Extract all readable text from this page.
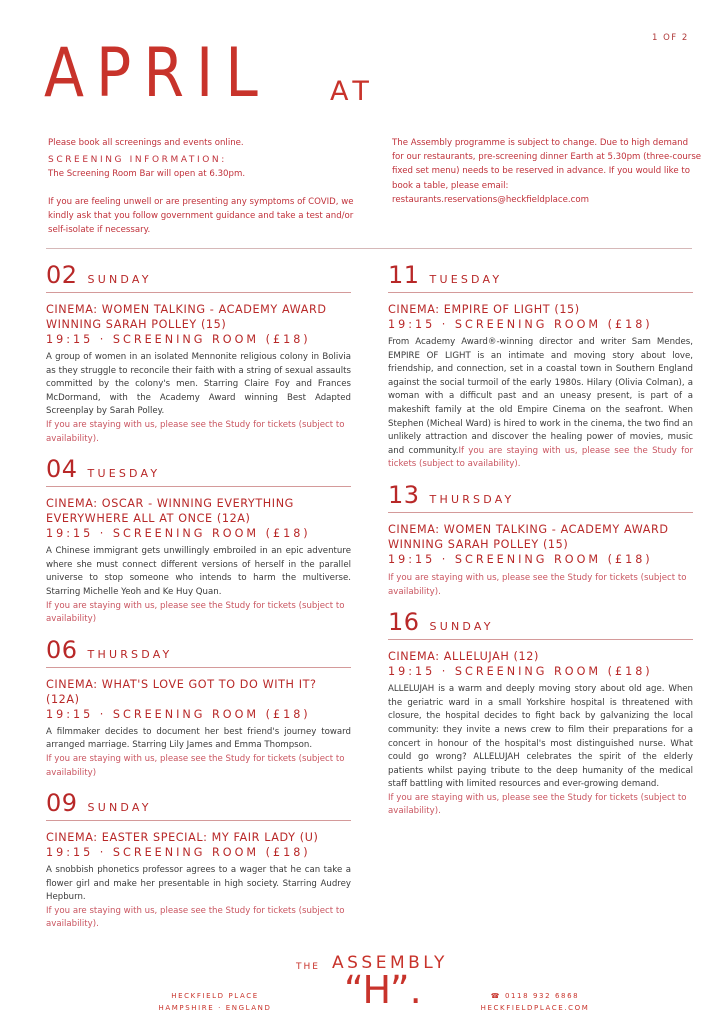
1 OF 2
APRIL AT

Please book all screenings and events online.

SCREENING INFORMATION:

The Screening Room Bar will open at 6.30pm.

If you are feeling unwell or are presenting any symptoms of COVID, we kindly ask that you follow government guidance and take a test and/or self-isolate if necessary.

The Assembly programme is subject to change. Due to high demand for our restaurants, pre-screening dinner Earth at 5.30pm (three-course fixed set menu) needs to be reserved in advance. If you would like to book a table, please email:

restaurants.reservations@heckfieldplace.com

02 SUNDAY
CINEMA: WOMEN TALKING - ACADEMY AWARD WINNING SARAH POLLEY (15)
19:15 · SCREENING ROOM (£18)
A group of women in an isolated Mennonite religious colony in Bolivia as they struggle to reconcile their faith with a string of sexual assaults committed by the colony's men. Starring Claire Foy and Frances McDormand, with the Academy Award winning Best Adapted Screenplay by Sarah Polley.
If you are staying with us, please see the Study for tickets (subject to availability).
04 TUESDAY
CINEMA: OSCAR - WINNING EVERYTHING EVERYWHERE ALL AT ONCE (12A)
19:15 · SCREENING ROOM (£18)
A Chinese immigrant gets unwillingly embroiled in an epic adventure where she must connect different versions of herself in the parallel universe to stop someone who intends to harm the multiverse. Starring Michelle Yeoh and Ke Huy Quan.
If you are staying with us, please see the Study for tickets (subject to availability)
06 THURSDAY
CINEMA: WHAT'S LOVE GOT TO DO WITH IT? (12A)
19:15 · SCREENING ROOM (£18)
A filmmaker decides to document her best friend's journey toward arranged marriage. Starring Lily James and Emma Thompson.
If you are staying with us, please see the Study for tickets (subject to availability)
09 SUNDAY
CINEMA: EASTER SPECIAL: MY FAIR LADY (U)
19:15 · SCREENING ROOM (£18)
A snobbish phonetics professor agrees to a wager that he can take a flower girl and make her presentable in high society. Starring Audrey Hepburn.
If you are staying with us, please see the Study for tickets (subject to availability).
11 TUESDAY
CINEMA: EMPIRE OF LIGHT (15)
19:15 · SCREENING ROOM (£18)
From Academy Award®-winning director and writer Sam Mendes, EMPIRE OF LIGHT is an intimate and moving story about love, friendship, and connection, set in a coastal town in Southern England against the social turmoil of the early 1980s. Hilary (Olivia Colman), a woman with a difficult past and an uneasy present, is part of a makeshift family at the old Empire Cinema on the seafront. When Stephen (Micheal Ward) is hired to work in the cinema, the two find an unlikely attraction and discover the healing power of movies, music and community.If you are staying with us, please see the Study for tickets (subject to availability).
13 THURSDAY
CINEMA: WOMEN TALKING - ACADEMY AWARD WINNING SARAH POLLEY (15)
19:15 · SCREENING ROOM (£18)
If you are staying with us, please see the Study for tickets (subject to availability).
16 SUNDAY
CINEMA: ALLELUJAH (12)
19:15 · SCREENING ROOM (£18)
ALLELUJAH is a warm and deeply moving story about old age. When the geriatric ward in a small Yorkshire hospital is threatened with closure, the hospital decides to fight back by galvanizing the local community: they invite a news crew to film their preparations for a concert in honour of the hospital's most distinguished nurse. What could go wrong? ALLELUJAH celebrates the spirit of the elderly patients whilst paying tribute to the deep humanity of the medical staff battling with limited resources and ever-growing demand.
If you are staying with us, please see the Study for tickets (subject to availability).
HECKFIELD PLACE
HAMPSHIRE · ENGLAND
THE ASSEMBLY
“H”.	☎ 0118 932 6868
HECKFIELDPLACE.COM
